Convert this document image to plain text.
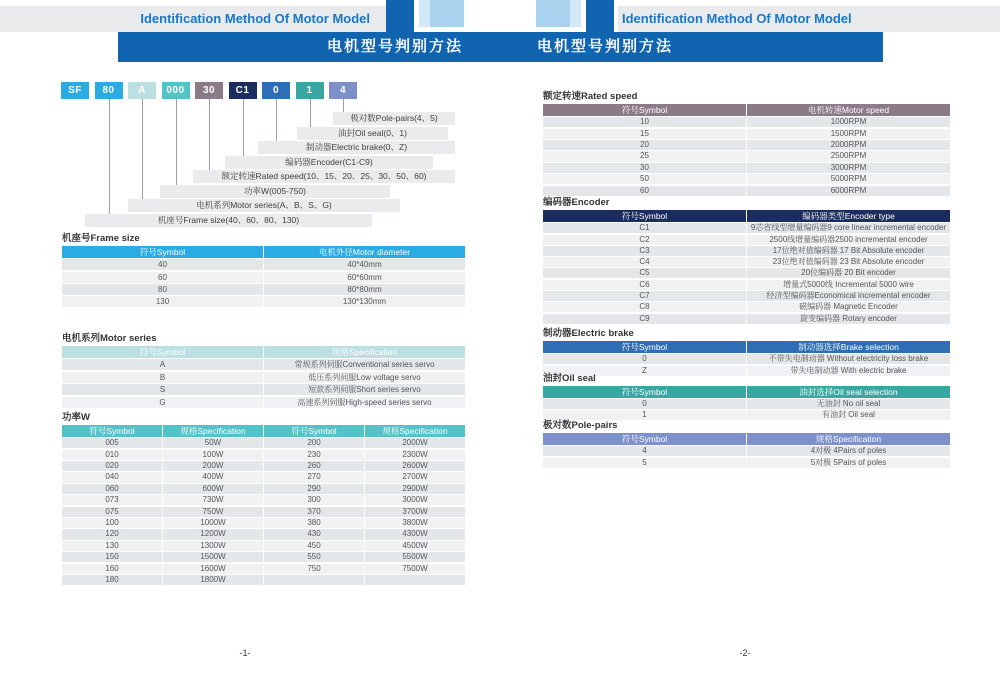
Identification Method Of Motor Model	Identification Method Of Motor Model
电机型号判别方法	电机型号判别方法
SF	80	A	000	30	C1	0	1	4
极对数Pole-pairs(4、5)
油封Oil seal(0、1)
制动器Electric brake(0、Z)
编码器Encoder(C1-C9)
额定转速Rated speed(10、15、20、25、30、50、60)
功率W(005-750)
电机系列Motor series(A、B、S、G)
机座号Frame size(40、60、80、130)
机座号Frame size
符号Symbol	电机外径Motor diameter
40	40*40mm
60	60*60mm
80	80*80mm
130	130*130mm
电机系列Motor series
符号Symbol	规格Specification
A	常规系列伺服Conventional series servo
B	低压系列伺服Low voltage servo
S	短款系列伺服Short series servo
G	高速系列伺服High-speed series servo
功率W
符号Symbol	规格Specification	符号Symbol	规格Specification
005	50W	200	2000W
010	100W	230	2300W
020	200W	260	2600W
040	400W	270	2700W
060	600W	290	2900W
073	730W	300	3000W
075	750W	370	3700W
100	1000W	380	3800W
120	1200W	430	4300W
130	1300W	450	4500W
150	1500W	550	5500W
160	1600W	750	7500W
180	1800W
额定转速Rated speed
符号Symbol	电机转速Motor speed
10	1000RPM
15	1500RPM
20	2000RPM
25	2500RPM
30	3000RPM
50	5000RPM
60	6000RPM
编码器Encoder
符号Symbol	编码器类型Encoder type
C1	9芯省线型增量编码器9 core linear incremental encoder
C2	2500线增量编码器2500 incremental encoder
C3	17位绝对值编码器 17 Bit Absolute encoder
C4	23位绝对值编码器 23 Bit Absolute encoder
C5	20位编码器 20 Bit encoder
C6	增量式5000线 Incremental 5000 wire
C7	经济型编码器Economical incremental encoder
C8	磁编码器 Magnetic Encoder
C9	旋变编码器 Rotary encoder
制动器Electric brake
符号Symbol	制动器选择Brake selection
0	不带失电制动器 Without electricity loss brake
Z	带失电制动器 With electric brake
油封Oil seal
符号Symbol	油封选择Oil seal selection
0	无油封 No oil seal
1	有油封 Oil seal
极对数Pole-pairs
符号Symbol	规格Specification
4	4对极 4Pairs of poles
5	5对极 5Pairs of poles
-1-	-2-
